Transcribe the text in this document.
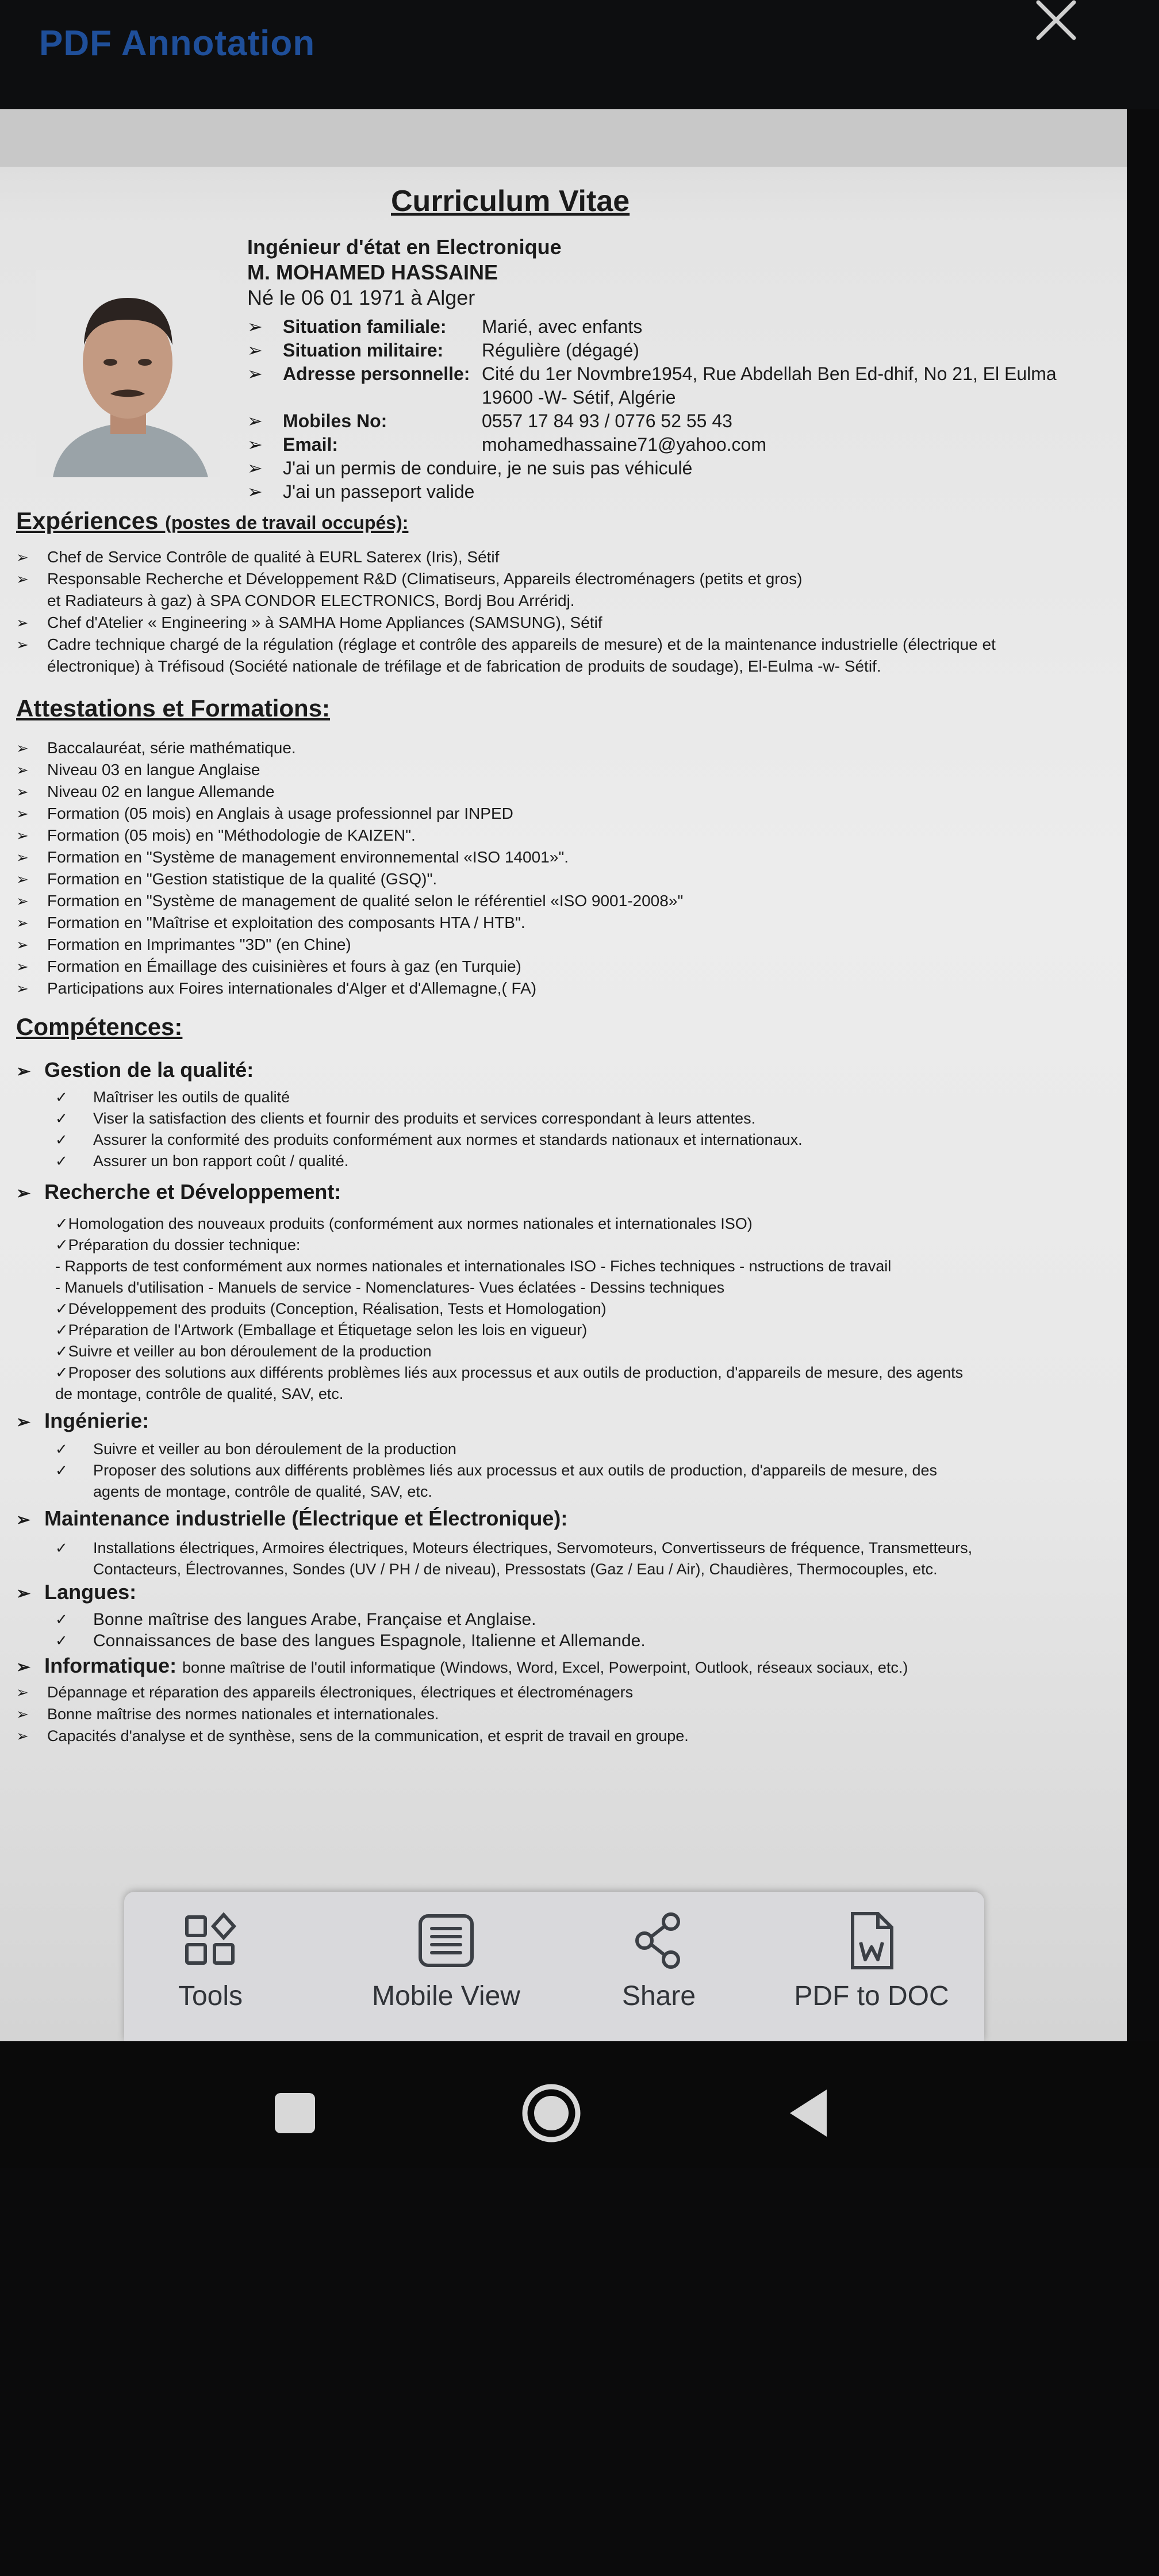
PDF Annotation
Curriculum Vitae
Ingénieur d'état en Electronique
M. MOHAMED HASSAINE
Né le 06 01 1971 à Alger
➢ Situation familiale: Marié, avec enfants
➢ Situation militaire: Régulière (dégagé)
➢ Adresse personnelle: Cité du 1er Novmbre1954, Rue Abdellah Ben Ed-dhif, No 21, El Eulma
19600 -W- Sétif, Algérie
➢ Mobiles No:	0557 17 84 93 / 0776 52 55 43
➢ Email:	mohamedhassaine71@yahoo.com
➢ J'ai un permis de conduire, je ne suis pas véhiculé
➢ J'ai un passeport valide
Expériences (postes de travail occupés):
➢ Chef de Service Contrôle de qualité à EURL Saterex (Iris), Sétif
➢ Responsable Recherche et Développement R&D (Climatiseurs, Appareils électroménagers (petits et gros)
et Radiateurs à gaz) à SPA CONDOR ELECTRONICS, Bordj Bou Arréridj.
➢ Chef d'Atelier « Engineering » à SAMHA Home Appliances (SAMSUNG), Sétif
➢ Cadre technique chargé de la régulation (réglage et contrôle des appareils de mesure) et de la maintenance industrielle (électrique et
électronique) à Tréfisoud (Société nationale de tréfilage et de fabrication de produits de soudage), El-Eulma -w- Sétif.
Attestations et Formations:
➢ Baccalauréat, série mathématique.
➢ Niveau 03 en langue Anglaise
➢ Niveau 02 en langue Allemande
➢ Formation (05 mois) en Anglais à usage professionnel par INPED
➢ Formation (05 mois) en "Méthodologie de KAIZEN".
➢ Formation en "Système de management environnemental «ISO 14001»".
➢ Formation en "Gestion statistique de la qualité (GSQ)".
➢ Formation en "Système de management de qualité selon le référentiel «ISO 9001-2008»"
➢ Formation en "Maîtrise et exploitation des composants HTA / HTB".
➢ Formation en Imprimantes "3D" (en Chine)
➢ Formation en Émaillage des cuisinières et fours à gaz (en Turquie)
➢ Participations aux Foires internationales d'Alger et d'Allemagne,( FA)
Compétences:
➢ Gestion de la qualité:
✓ Maîtriser les outils de qualité
✓ Viser la satisfaction des clients et fournir des produits et services correspondant à leurs attentes.
✓ Assurer la conformité des produits conformément aux normes et standards nationaux et internationaux.
✓ Assurer un bon rapport coût / qualité.
➢ Recherche et Développement:
✓Homologation des nouveaux produits (conformément aux normes nationales et internationales ISO)
✓Préparation du dossier technique:
- Rapports de test conformément aux normes nationales et internationales ISO - Fiches techniques - nstructions de travail
- Manuels d'utilisation - Manuels de service - Nomenclatures- Vues éclatées - Dessins techniques
✓Développement des produits (Conception, Réalisation, Tests et Homologation)
✓Préparation de l'Artwork (Emballage et Étiquetage selon les lois en vigueur)
✓Suivre et veiller au bon déroulement de la production
✓Proposer des solutions aux différents problèmes liés aux processus et aux outils de production, d'appareils de mesure, des agents
de montage, contrôle de qualité, SAV, etc.
➢ Ingénierie:
✓ Suivre et veiller au bon déroulement de la production
✓ Proposer des solutions aux différents problèmes liés aux processus et aux outils de production, d'appareils de mesure, des
agents de montage, contrôle de qualité, SAV, etc.
➢ Maintenance industrielle (Électrique et Électronique):
✓ Installations électriques, Armoires électriques, Moteurs électriques, Servomoteurs, Convertisseurs de fréquence, Transmetteurs,
Contacteurs, Électrovannes, Sondes (UV / PH / de niveau), Pressostats (Gaz / Eau / Air), Chaudières, Thermocouples, etc.
➢ Langues:
✓ Bonne maîtrise des langues Arabe, Française et Anglaise.
✓ Connaissances de base des langues Espagnole, Italienne et Allemande.
➢ Informatique: bonne maîtrise de l'outil informatique (Windows, Word, Excel, Powerpoint, Outlook, réseaux sociaux, etc.)
➢ Dépannage et réparation des appareils électroniques, électriques et électroménagers
➢ Bonne maîtrise des normes nationales et internationales.
➢ Capacités d'analyse et de synthèse, sens de la communication, et esprit de travail en groupe.
Tools	Mobile View	Share	PDF to DOC
